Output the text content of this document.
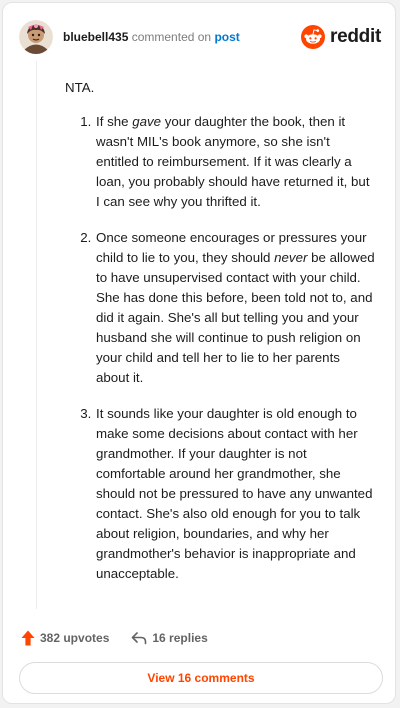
bluebell435 commented on post	reddit

NTA.

1. If she gave your daughter the book, then it wasn't MIL's book anymore, so she isn't entitled to reimbursement. If it was clearly a loan, you probably should have returned it, but I can see why you thrifted it.
2. Once someone encourages or pressures your child to lie to you, they should never be allowed to have unsupervised contact with your child. She has done this before, been told not to, and did it again. She's all but telling you and your husband she will continue to push religion on your child and tell her to lie to her parents about it.
3. It sounds like your daughter is old enough to make some decisions about contact with her grandmother. If your daughter is not comfortable around her grandmother, she should not be pressured to have any unwanted contact. She's also old enough for you to talk about religion, boundaries, and why her grandmother's behavior is inappropriate and unacceptable.
382 upvotes	16 replies
View 16 comments
